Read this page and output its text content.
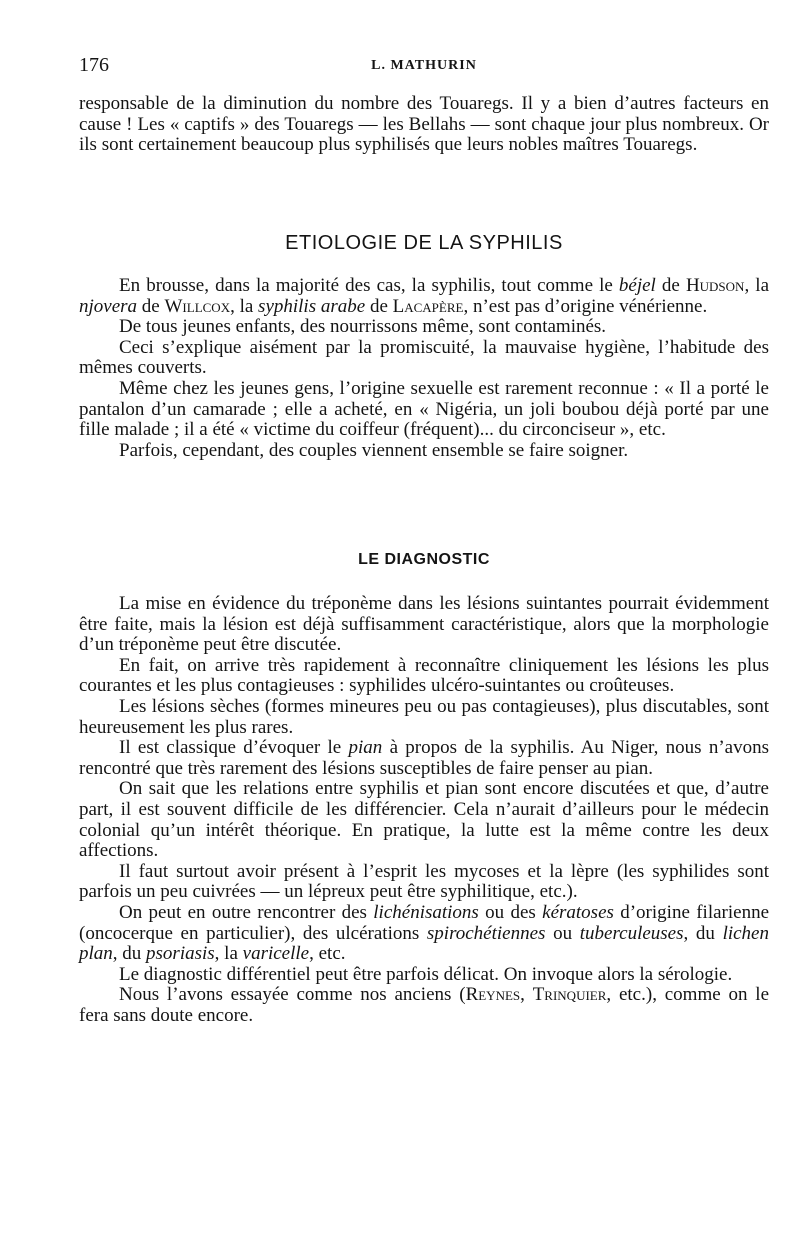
176	L. MATHURIN

responsable de la diminution du nombre des Touaregs. Il y a bien d’autres facteurs en cause ! Les « captifs » des Touaregs — les Bellahs — sont chaque jour plus nombreux. Or ils sont certainement beaucoup plus syphilisés que leurs nobles maîtres Touaregs.

ETIOLOGIE DE LA SYPHILIS

En brousse, dans la majorité des cas, la syphilis, tout comme le béjel de Hudson, la njovera de Willcox, la syphilis arabe de Lacapère, n’est pas d’origine vénérienne.

De tous jeunes enfants, des nourrissons même, sont contaminés.

Ceci s’explique aisément par la promiscuité, la mauvaise hygiène, l’habitude des mêmes couverts.

Même chez les jeunes gens, l’origine sexuelle est rarement reconnue : « Il a porté le pantalon d’un camarade ; elle a acheté, en « Nigéria, un joli boubou déjà porté par une fille malade ; il a été « victime du coiffeur (fréquent)... du circonciseur », etc.

Parfois, cependant, des couples viennent ensemble se faire soigner.

LE DIAGNOSTIC

La mise en évidence du tréponème dans les lésions suintantes pourrait évidemment être faite, mais la lésion est déjà suffisamment caractéristique, alors que la morphologie d’un tréponème peut être discutée.

En fait, on arrive très rapidement à reconnaître cliniquement les lésions les plus courantes et les plus contagieuses : syphilides ulcéro-suintantes ou croûteuses.

Les lésions sèches (formes mineures peu ou pas contagieuses), plus discutables, sont heureusement les plus rares.

Il est classique d’évoquer le pian à propos de la syphilis. Au Niger, nous n’avons rencontré que très rarement des lésions susceptibles de faire penser au pian.

On sait que les relations entre syphilis et pian sont encore discutées et que, d’autre part, il est souvent difficile de les différencier. Cela n’aurait d’ailleurs pour le médecin colonial qu’un intérêt théorique. En pratique, la lutte est la même contre les deux affections.

Il faut surtout avoir présent à l’esprit les mycoses et la lèpre (les syphilides sont parfois un peu cuivrées — un lépreux peut être syphilitique, etc.).

On peut en outre rencontrer des lichénisations ou des kératoses d’origine filarienne (oncocerque en particulier), des ulcérations spirochétiennes ou tuberculeuses, du lichen plan, du psoriasis, la varicelle, etc.

Le diagnostic différentiel peut être parfois délicat. On invoque alors la sérologie.

Nous l’avons essayée comme nos anciens (Reynes, Trinquier, etc.), comme on le fera sans doute encore.
